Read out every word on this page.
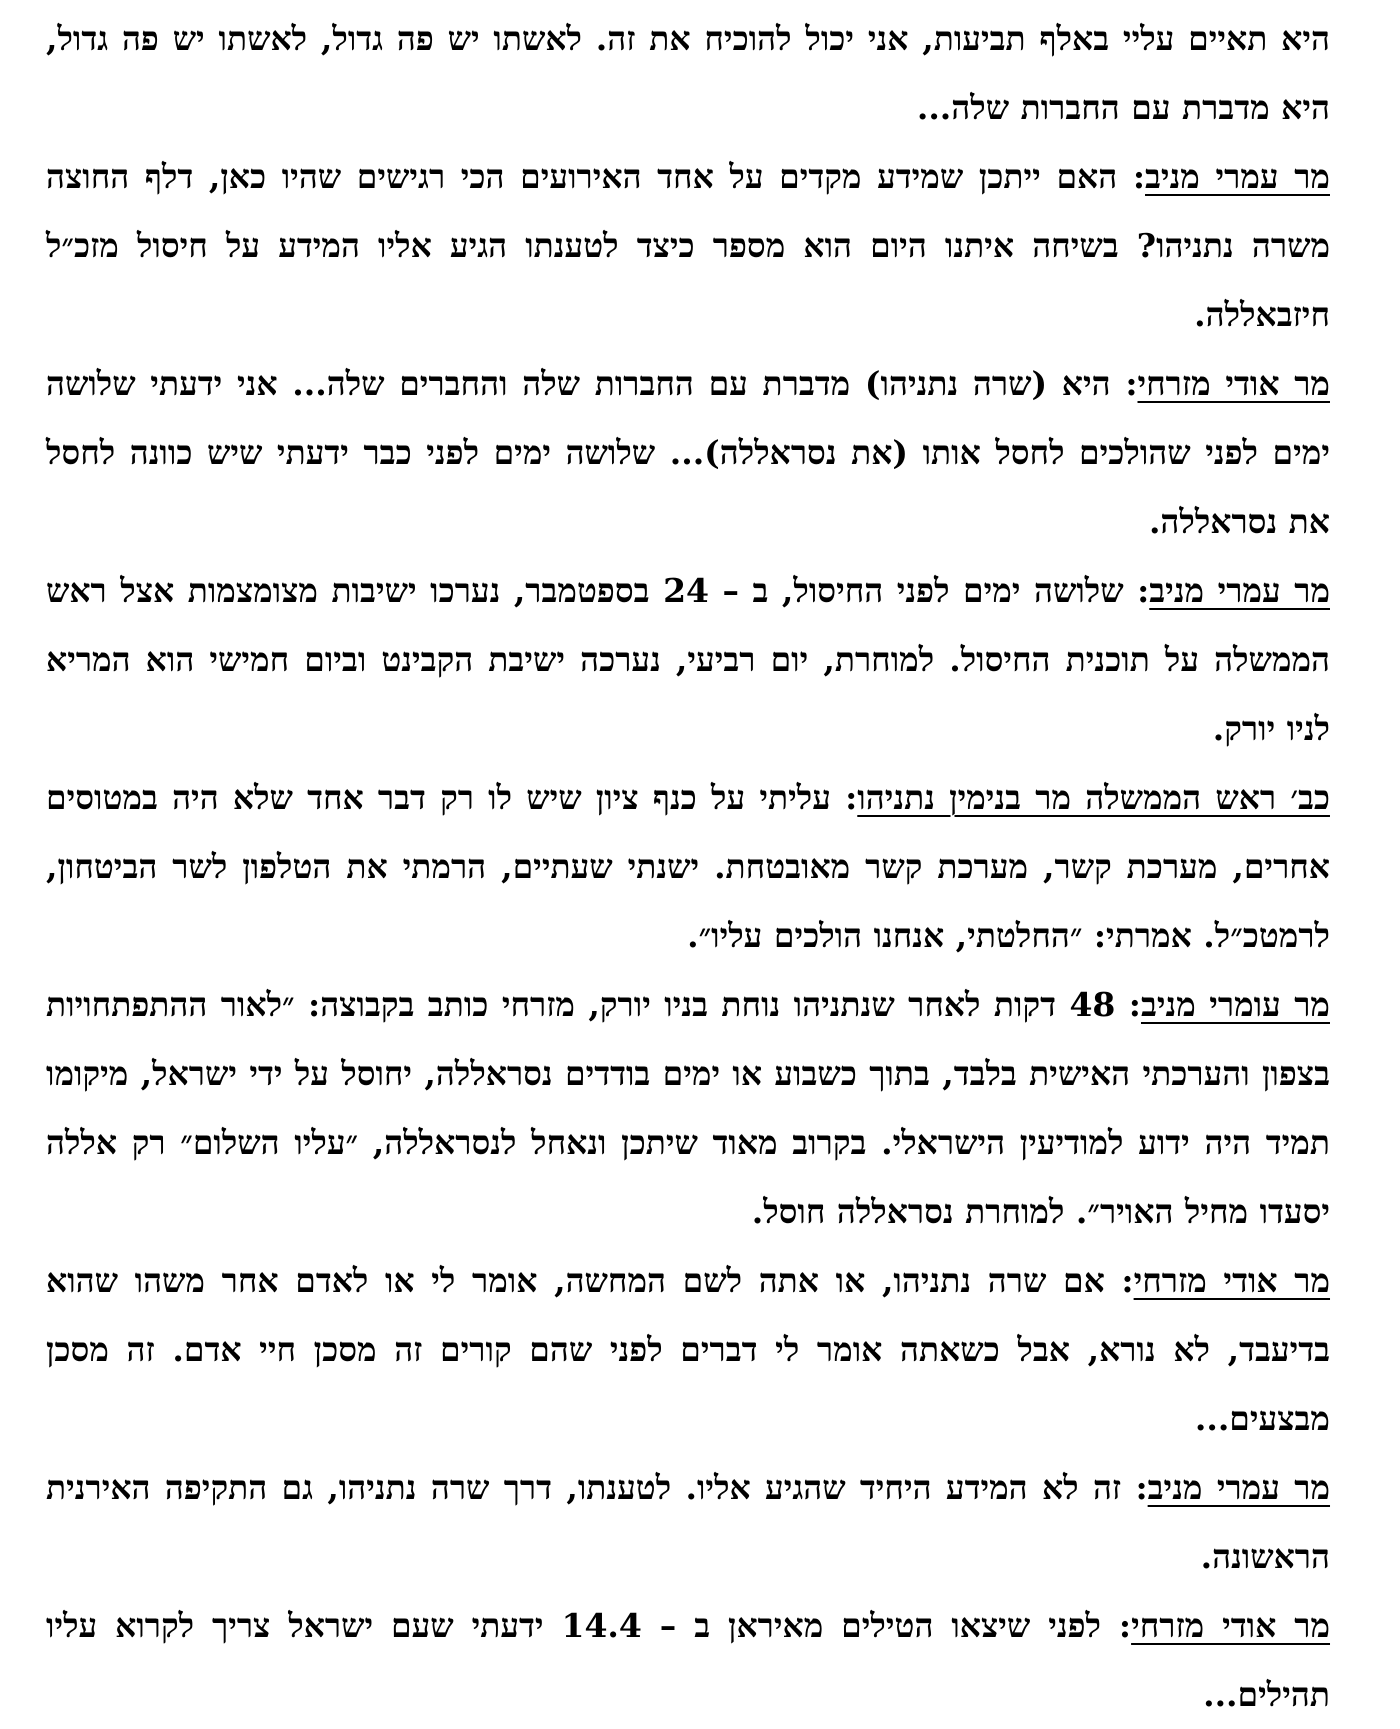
היא תאיים עליי באלף תביעות, אני יכול להוכיח את זה. לאשתו יש פה גדול, לאשתו יש פה גדול, היא מדברת עם החברות שלה...

מר עמרי מניב: האם ייתכן שמידע מקדים על אחד האירועים הכי רגישים שהיו כאן, דלף החוצה משרה נתניהו? בשיחה איתנו היום הוא מספר כיצד לטענתו הגיע אליו המידע על חיסול מזכ״ל חיזבאללה.

מר אודי מזרחי: היא (שרה נתניהו) מדברת עם החברות שלה והחברים שלה... אני ידעתי שלושה ימים לפני שהולכים לחסל אותו (את נסראללה)... שלושה ימים לפני כבר ידעתי שיש כוונה לחסל את נסראללה.

מר עמרי מניב: שלושה ימים לפני החיסול, ב – 24 בספטמבר, נערכו ישיבות מצומצמות אצל ראש הממשלה על תוכנית החיסול. למוחרת, יום רביעי, נערכה ישיבת הקבינט וביום חמישי הוא המריא לניו יורק.

כב׳ ראש הממשלה מר בנימין נתניהו: עליתי על כנף ציון שיש לו רק דבר אחד שלא היה במטוסים אחרים, מערכת קשר, מערכת קשר מאובטחת. ישנתי שעתיים, הרמתי את הטלפון לשר הביטחון, לרמטכ״ל. אמרתי: ״החלטתי, אנחנו הולכים עליו״.

מר עומרי מניב: 48 דקות לאחר שנתניהו נוחת בניו יורק, מזרחי כותב בקבוצה: ״לאור ההתפתחויות בצפון והערכתי האישית בלבד, בתוך כשבוע או ימים בודדים נסראללה, יחוסל על ידי ישראל, מיקומו תמיד היה ידוע למודיעין הישראלי. בקרוב מאוד שיתכן ונאחל לנסראללה, ״עליו השלום״ רק אללה יסעדו מחיל האויר״. למוחרת נסראללה חוסל.

מר אודי מזרחי: אם שרה נתניהו, או אתה לשם המחשה, אומר לי או לאדם אחר משהו שהוא בדיעבד, לא נורא, אבל כשאתה אומר לי דברים לפני שהם קורים זה מסכן חיי אדם. זה מסכן מבצעים...

מר עמרי מניב: זה לא המידע היחיד שהגיע אליו. לטענתו, דרך שרה נתניהו, גם התקיפה האירנית הראשונה.

מר אודי מזרחי: לפני שיצאו הטילים מאיראן ב – 14.4 ידעתי שעם ישראל צריך לקרוא עליו תהילים...
